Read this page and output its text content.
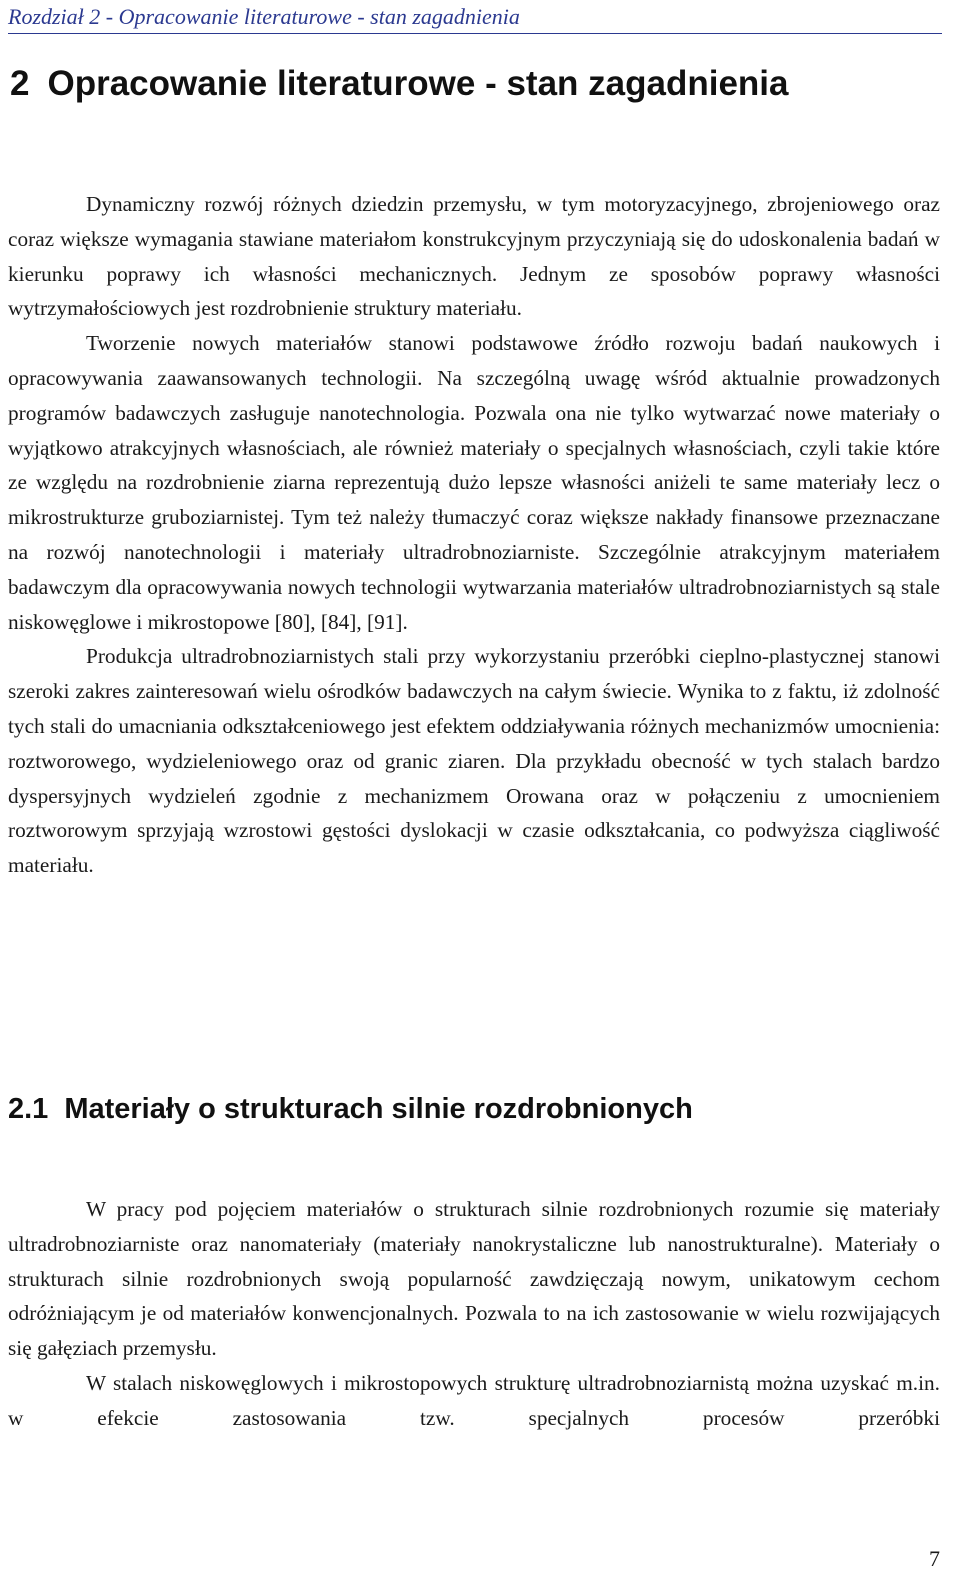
Rozdział 2 - Opracowanie literaturowe - stan zagadnienia
2 Opracowanie literaturowe - stan zagadnienia

Dynamiczny rozwój różnych dziedzin przemysłu, w tym motoryzacyjnego, zbrojeniowego oraz coraz większe wymagania stawiane materiałom konstrukcyjnym przyczyniają się do udoskonalenia badań w kierunku poprawy ich własności mechanicznych. Jednym ze sposobów poprawy własności wytrzymałościowych jest rozdrobnienie struktury materiału.

Tworzenie nowych materiałów stanowi podstawowe źródło rozwoju badań naukowych i opracowywania zaawansowanych technologii. Na szczególną uwagę wśród aktualnie prowadzonych programów badawczych zasługuje nanotechnologia. Pozwala ona nie tylko wytwarzać nowe materiały o wyjątkowo atrakcyjnych własnościach, ale również materiały o specjalnych własnościach, czyli takie które ze względu na rozdrobnienie ziarna reprezentują dużo lepsze własności aniżeli te same materiały lecz o mikrostrukturze gruboziarnistej. Tym też należy tłumaczyć coraz większe nakłady finansowe przeznaczane na rozwój nanotechnologii i materiały ultradrobnoziarniste. Szczególnie atrakcyjnym materiałem badawczym dla opracowywania nowych technologii wytwarzania materiałów ultradrobnoziarnistych są stale niskowęglowe i mikrostopowe [80], [84], [91].

Produkcja ultradrobnoziarnistych stali przy wykorzystaniu przeróbki cieplno-plastycznej stanowi szeroki zakres zainteresowań wielu ośrodków badawczych na całym świecie. Wynika to z faktu, iż zdolność tych stali do umacniania odkształceniowego jest efektem oddziaływania różnych mechanizmów umocnienia: roztworowego, wydzieleniowego oraz od granic ziaren. Dla przykładu obecność w tych stalach bardzo dyspersyjnych wydzieleń zgodnie z mechanizmem Orowana oraz w połączeniu z umocnieniem roztworowym sprzyjają wzrostowi gęstości dyslokacji w czasie odkształcania, co podwyższa ciągliwość materiału.

2.1 Materiały o strukturach silnie rozdrobnionych

W pracy pod pojęciem materiałów o strukturach silnie rozdrobnionych rozumie się materiały ultradrobnoziarniste oraz nanomateriały (materiały nanokrystaliczne lub nanostrukturalne). Materiały o strukturach silnie rozdrobnionych swoją popularność zawdzięczają nowym, unikatowym cechom odróżniającym je od materiałów konwencjonalnych. Pozwala to na ich zastosowanie w wielu rozwijających się gałęziach przemysłu.

W stalach niskowęglowych i mikrostopowych strukturę ultradrobnoziarnistą można uzyskać m.in. w efekcie zastosowania tzw. specjalnych procesów przeróbki

7
